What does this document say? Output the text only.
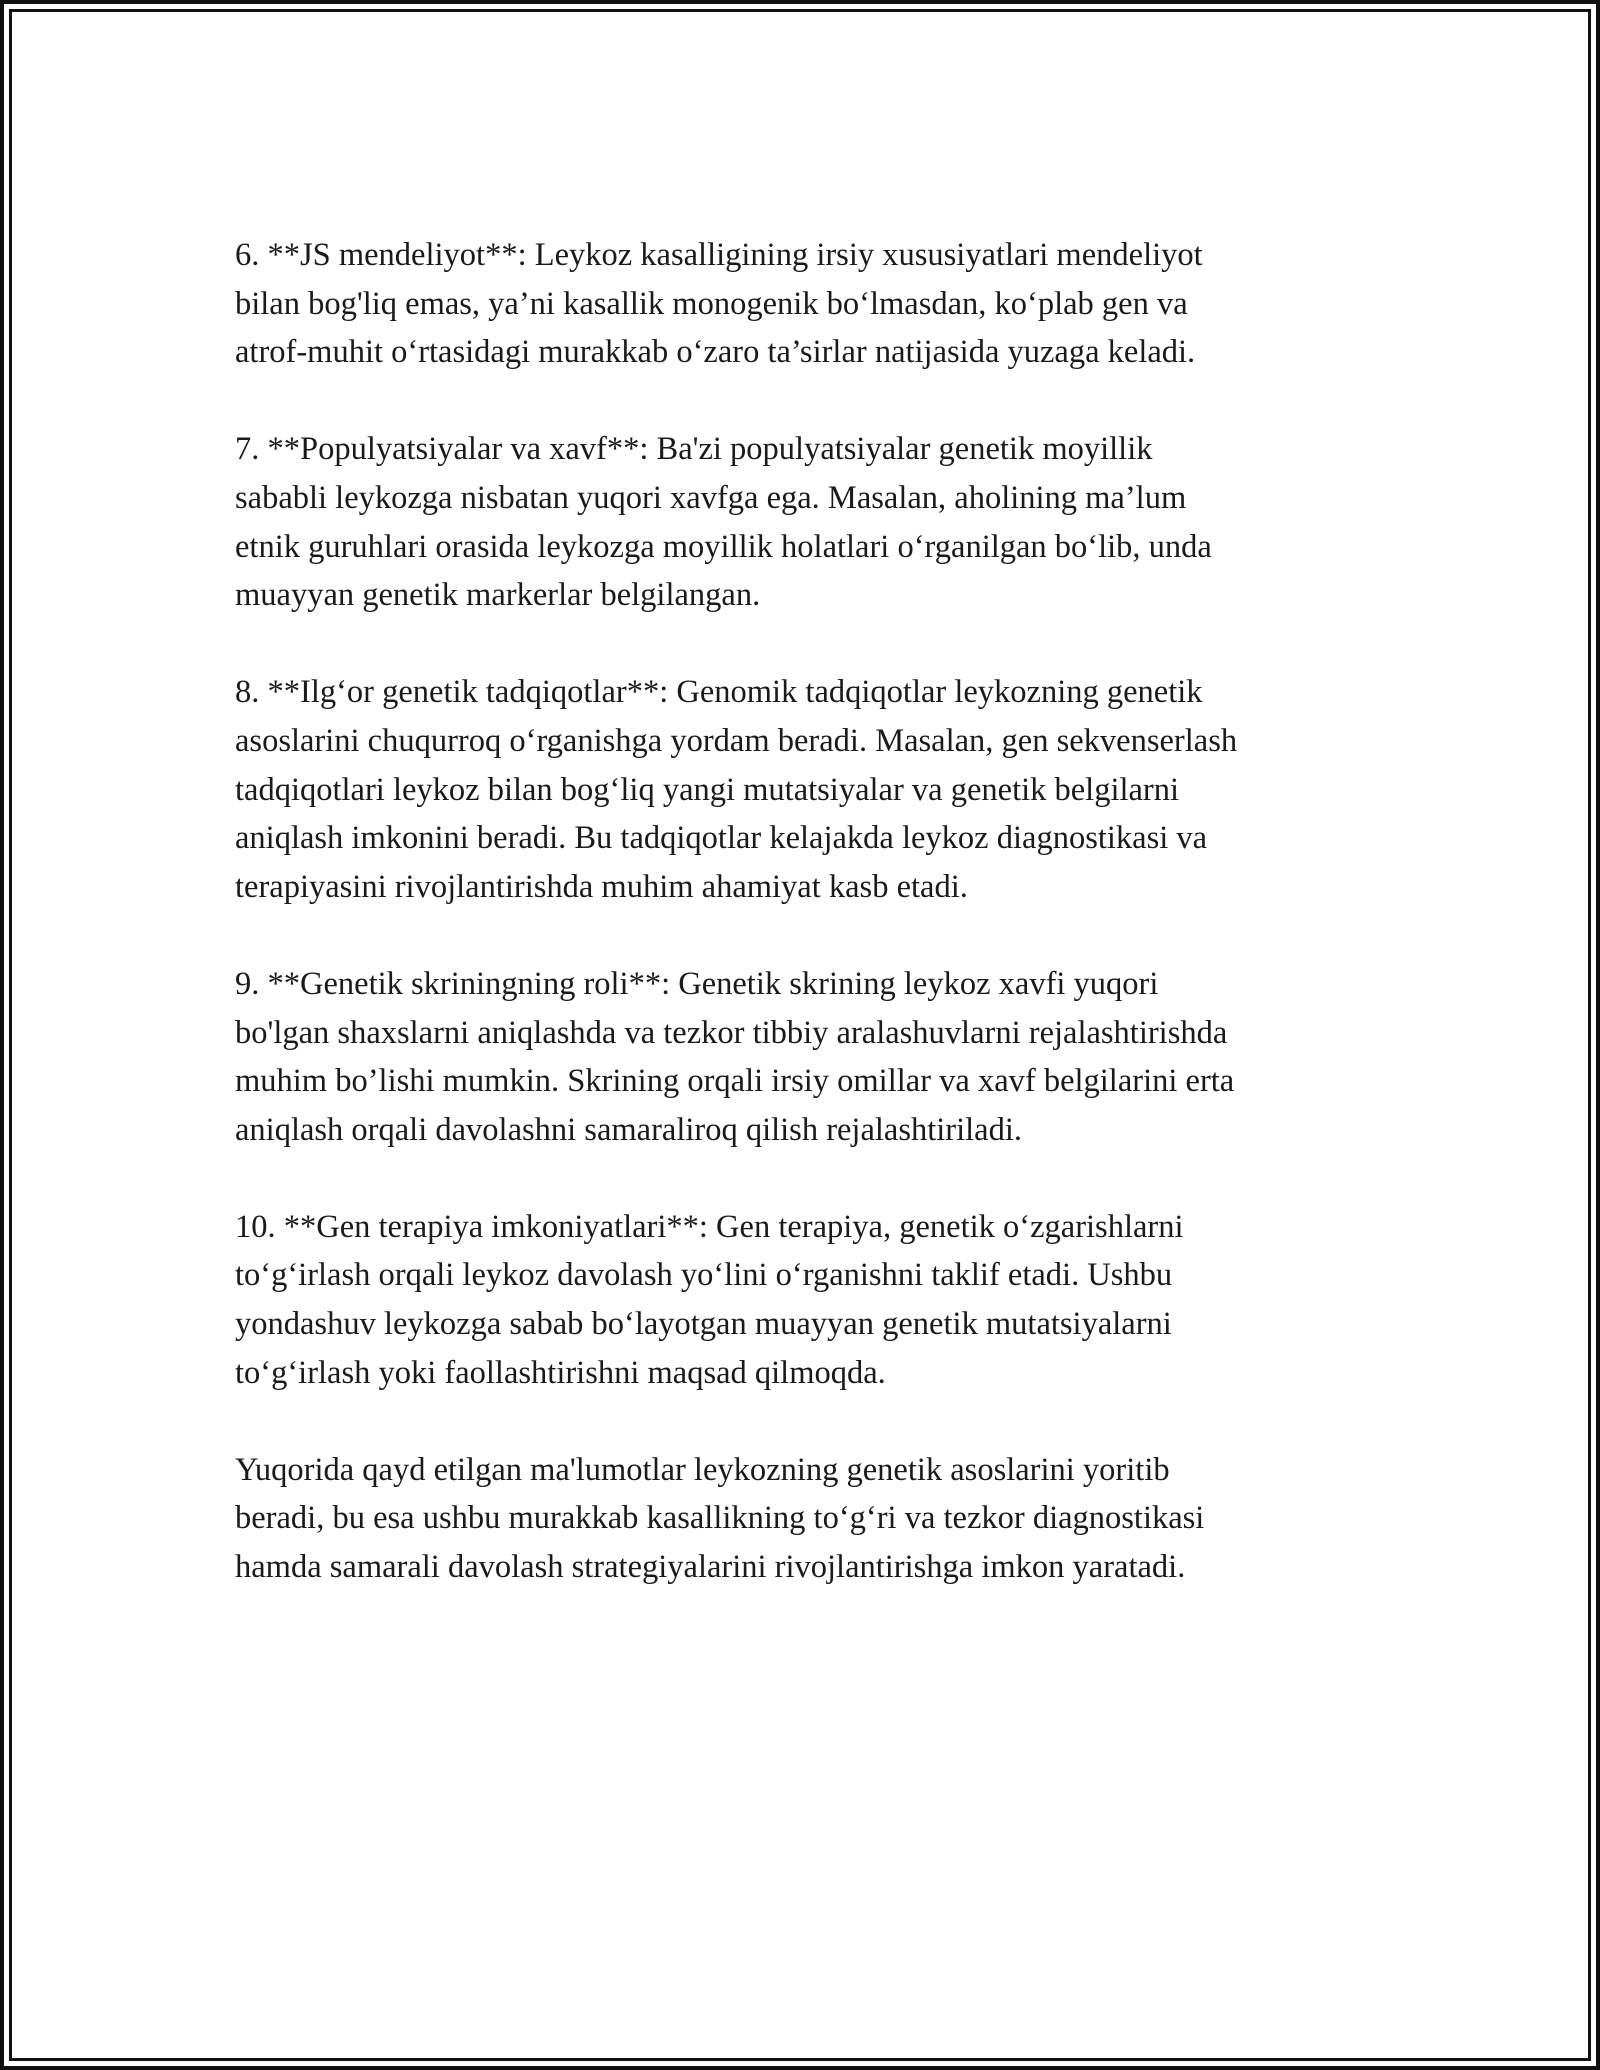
6. **JS mendeliyot**: Leykoz kasalligining irsiy xususiyatlari mendeliyot
bilan bog'liq emas, ya’ni kasallik monogenik bo‘lmasdan, ko‘plab gen va
atrof-muhit o‘rtasidagi murakkab o‘zaro ta’sirlar natijasida yuzaga keladi.

7. **Populyatsiyalar va xavf**: Ba'zi populyatsiyalar genetik moyillik
sababli leykozga nisbatan yuqori xavfga ega. Masalan, aholining ma’lum
etnik guruhlari orasida leykozga moyillik holatlari o‘rganilgan bo‘lib, unda
muayyan genetik markerlar belgilangan.

8. **Ilg‘or genetik tadqiqotlar**: Genomik tadqiqotlar leykozning genetik
asoslarini chuqurroq o‘rganishga yordam beradi. Masalan, gen sekvenserlash
tadqiqotlari leykoz bilan bog‘liq yangi mutatsiyalar va genetik belgilarni
aniqlash imkonini beradi. Bu tadqiqotlar kelajakda leykoz diagnostikasi va
terapiyasini rivojlantirishda muhim ahamiyat kasb etadi.

9. **Genetik skriningning roli**: Genetik skrining leykoz xavfi yuqori
bo'lgan shaxslarni aniqlashda va tezkor tibbiy aralashuvlarni rejalashtirishda
muhim bo’lishi mumkin. Skrining orqali irsiy omillar va xavf belgilarini erta
aniqlash orqali davolashni samaraliroq qilish rejalashtiriladi.

10. **Gen terapiya imkoniyatlari**: Gen terapiya, genetik o‘zgarishlarni
to‘g‘irlash orqali leykoz davolash yo‘lini o‘rganishni taklif etadi. Ushbu
yondashuv leykozga sabab bo‘layotgan muayyan genetik mutatsiyalarni
to‘g‘irlash yoki faollashtirishni maqsad qilmoqda.

Yuqorida qayd etilgan ma'lumotlar leykozning genetik asoslarini yoritib
beradi, bu esa ushbu murakkab kasallikning to‘g‘ri va tezkor diagnostikasi
hamda samarali davolash strategiyalarini rivojlantirishga imkon yaratadi.
